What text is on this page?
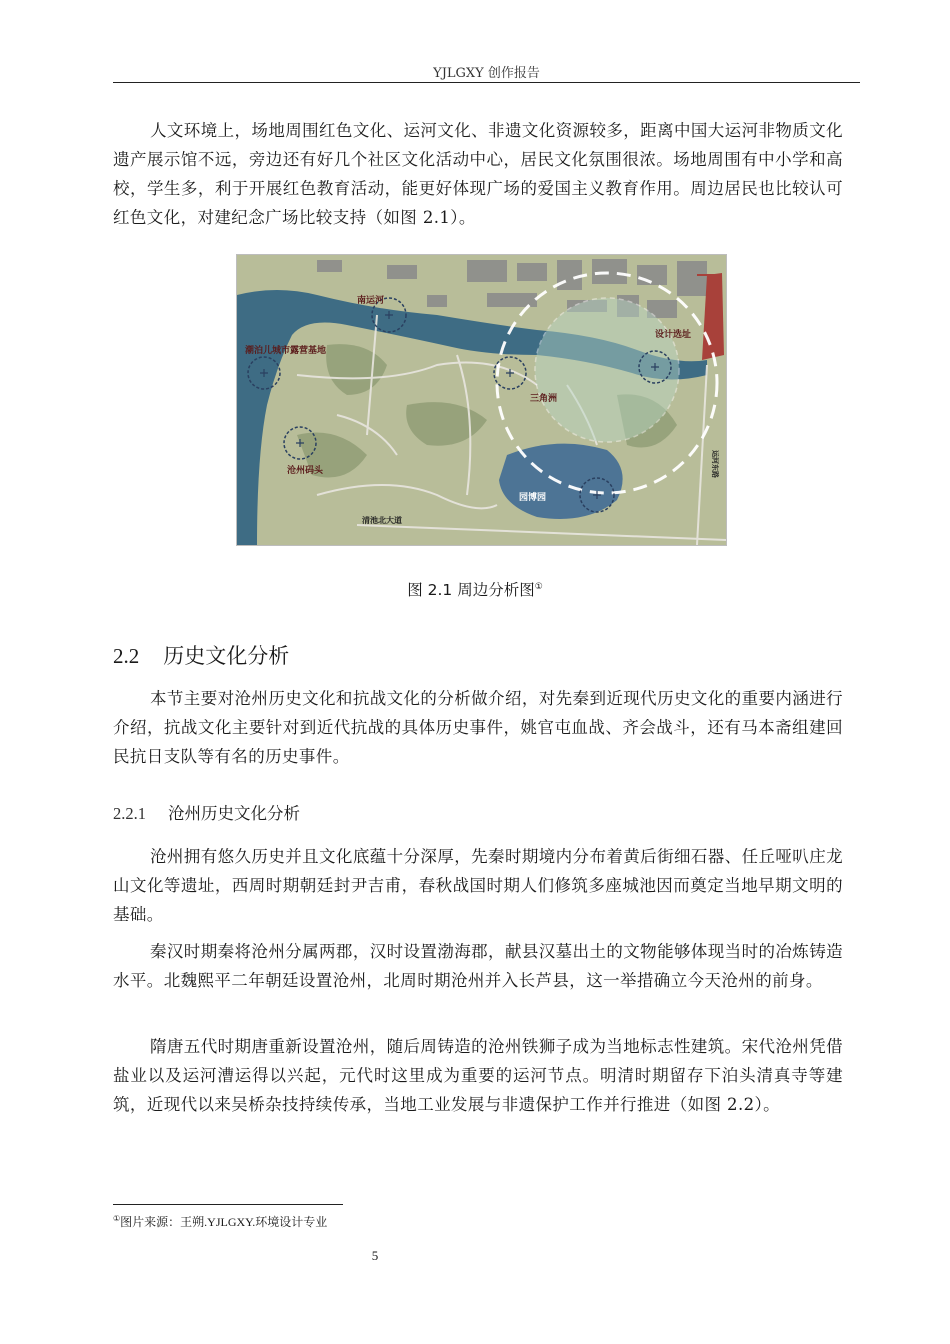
YJLGXY 创作报告

人文环境上，场地周围红色文化、运河文化、非遗文化资源较多，距离中国大运河非物质文化遗产展示馆不远，旁边还有好几个社区文化活动中心，居民文化氛围很浓。场地周围有中小学和高校，学生多，利于开展红色教育活动，能更好体现广场的爱国主义教育作用。周边居民也比较认可红色文化，对建纪念广场比较支持（如图 2.1）。

南运河
设计选址
潮泊儿城市露营基地
三角洲
沧州码头
园博园
清池北大道
运河东路
图 2.1 周边分析图①
2.2 历史文化分析

本节主要对沧州历史文化和抗战文化的分析做介绍，对先秦到近现代历史文化的重要内涵进行介绍，抗战文化主要针对到近代抗战的具体历史事件，姚官屯血战、齐会战斗，还有马本斋组建回民抗日支队等有名的历史事件。

2.2.1 沧州历史文化分析

沧州拥有悠久历史并且文化底蕴十分深厚，先秦时期境内分布着黄后街细石器、任丘哑叭庄龙山文化等遗址，西周时期朝廷封尹吉甫，春秋战国时期人们修筑多座城池因而奠定当地早期文明的基础。

秦汉时期秦将沧州分属两郡，汉时设置渤海郡，献县汉墓出土的文物能够体现当时的冶炼铸造水平。北魏熙平二年朝廷设置沧州，北周时期沧州并入长芦县，这一举措确立今天沧州的前身。

隋唐五代时期唐重新设置沧州，随后周铸造的沧州铁狮子成为当地标志性建筑。宋代沧州凭借盐业以及运河漕运得以兴起，元代时这里成为重要的运河节点。明清时期留存下泊头清真寺等建筑，近现代以来吴桥杂技持续传承，当地工业发展与非遗保护工作并行推进（如图 2.2）。

①图片来源：王朔.YJLGXY.环境设计专业
5
